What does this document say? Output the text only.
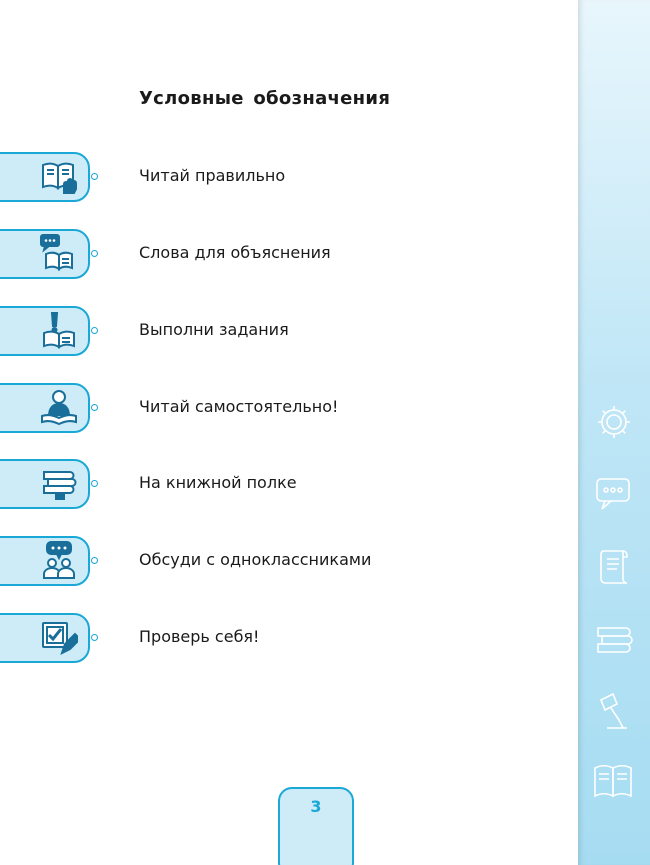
Условные обозначения
Читай правильно
Слова для объяснения
Выполни задания
Читай самостоятельно!
На книжной полке
Обсуди с одноклассниками
Проверь себя!
3
